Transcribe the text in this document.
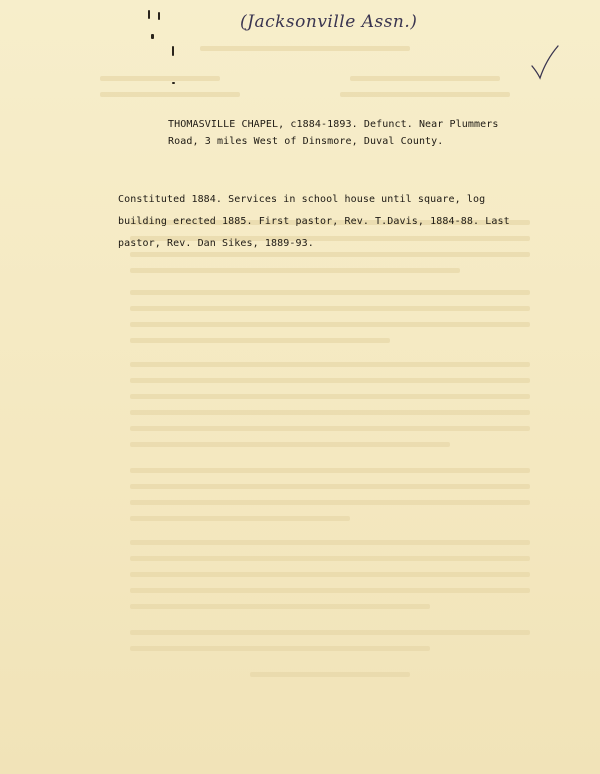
(Jacksonville Assn.)
THOMASVILLE CHAPEL, c1884-1893. Defunct. Near Plummers
Road, 3 miles West of Dinsmore, Duval County.
Constituted 1884. Services in school house until square, log
building erected 1885. First pastor, Rev. T.Davis, 1884-88. Last
pastor, Rev. Dan Sikes, 1889-93.
